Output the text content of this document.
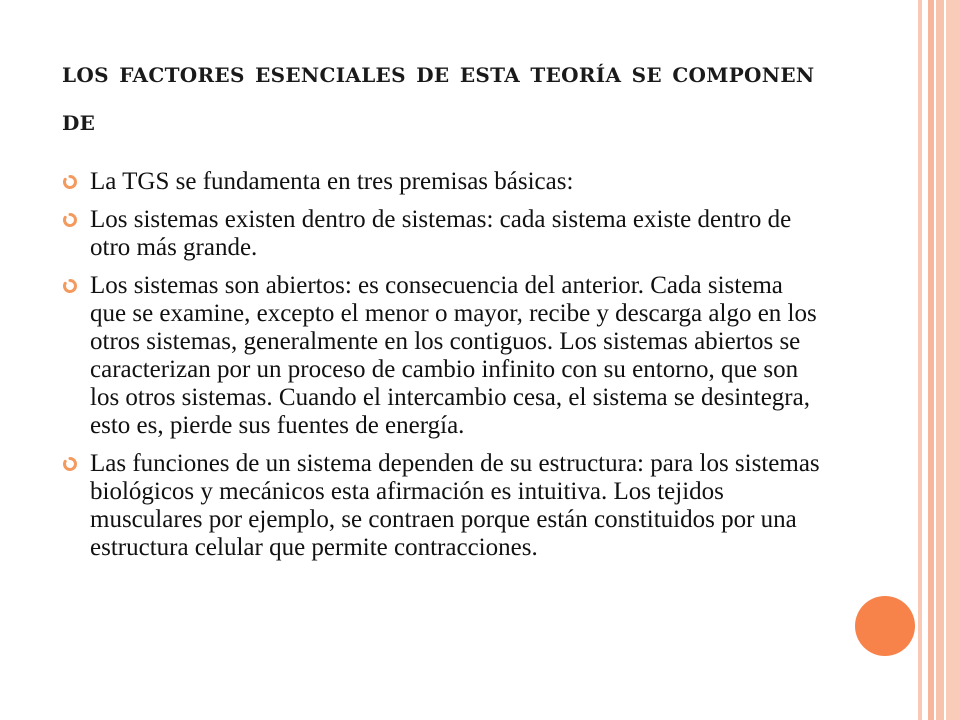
los factores esenciales de esta teoría se componen de
La TGS se fundamenta en tres premisas básicas:
Los sistemas existen dentro de sistemas: cada sistema existe dentro de otro más grande.
Los sistemas son abiertos: es consecuencia del anterior. Cada sistema que se examine, excepto el menor o mayor, recibe y descarga algo en los otros sistemas, generalmente en los contiguos. Los sistemas abiertos se caracterizan por un proceso de cambio infinito con su entorno, que son los otros sistemas. Cuando el intercambio cesa, el sistema se desintegra, esto es, pierde sus fuentes de energía.
Las funciones de un sistema dependen de su estructura: para los sistemas biológicos y mecánicos esta afirmación es intuitiva. Los tejidos musculares por ejemplo, se contraen porque están constituidos por una estructura celular que permite contracciones.
